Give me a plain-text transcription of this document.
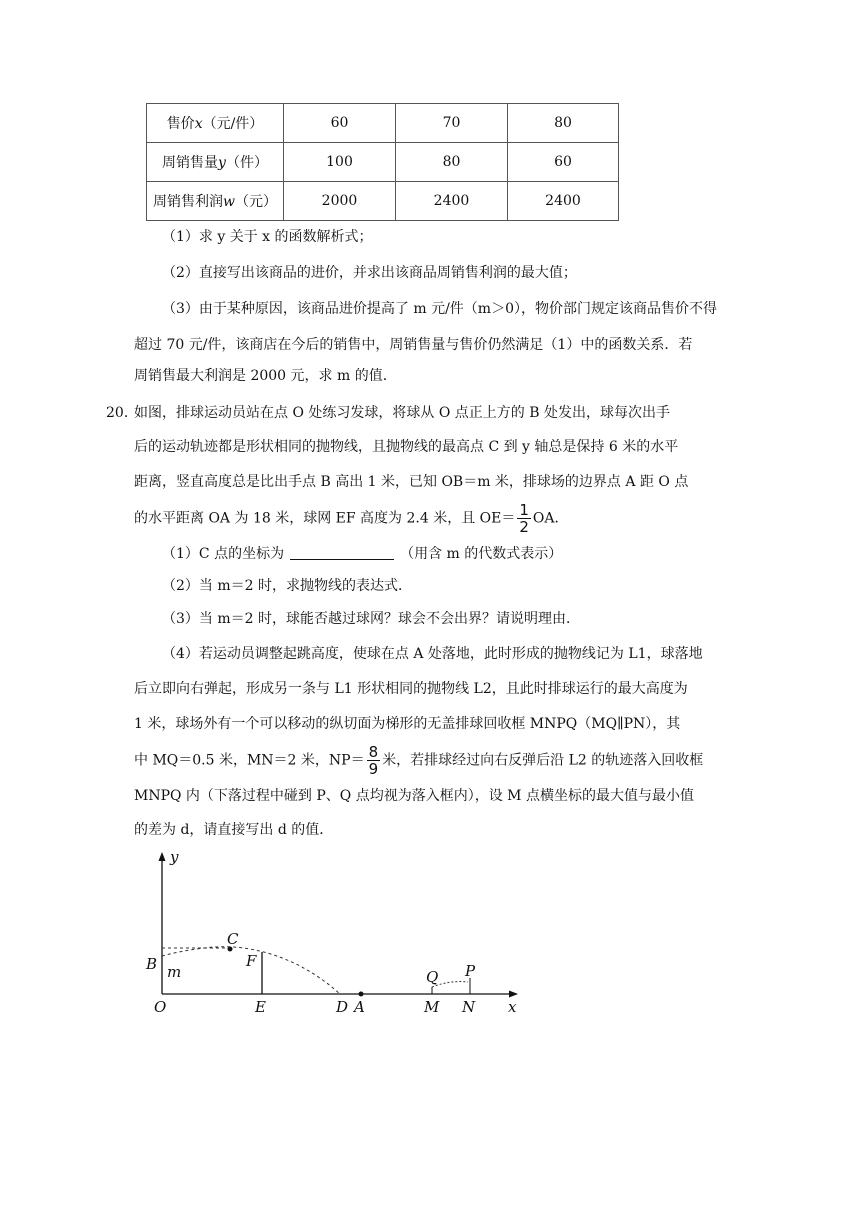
售价x（元/件）	60	70	80
周销售量y（件）	100	80	60
周销售利润w（元）	2000	2400	2400
（1）求 y 关于 x 的函数解析式；
（2）直接写出该商品的进价，并求出该商品周销售利润的最大值；
（3）由于某种原因，该商品进价提高了 m 元/件（m＞0），物价部门规定该商品售价不得
超过 70 元/件，该商店在今后的销售中，周销售量与售价仍然满足（1）中的函数关系．若
周销售最大利润是 2000 元，求 m 的值．
20．
如图，排球运动员站在点 O 处练习发球，将球从 O 点正上方的 B 处发出，球每次出手
后的运动轨迹都是形状相同的抛物线，且抛物线的最高点 C 到 y 轴总是保持 6 米的水平
距离，竖直高度总是比出手点 B 高出 1 米，已知 OB＝m 米，排球场的边界点 A 距 O 点
的水平距离 OA 为 18 米，球网 EF 高度为 2.4 米，且 $OE= \frac{1}{2}$ OA．
（1）C 点的坐标为	（用含 m 的代数式表示）
（2）当 m＝2 时，求抛物线的表达式．
（3）当 m＝2 时，球能否越过球网？球会不会出界？请说明理由．
（4）若运动员调整起跳高度，使球在点 A 处落地，此时形成的抛物线记为 L1，球落地
后立即向右弹起，形成另一条与 L1 形状相同的抛物线 L2，且此时排球运行的最大高度为
1 米，球场外有一个可以移动的纵切面为梯形的无盖排球回收框 MNPQ（MQ∥PN），其
中 MQ＝0.5 米，MN＝2 米，$NP= \frac{8}{9}$ 米，若排球经过向右反弹后沿 L2 的轨迹落入回收框
MNPQ 内（下落过程中碰到 P、Q 点均视为落入框内），设 M 点横坐标的最大值与最小值
的差为 d，请直接写出 d 的值．
y
x
O
B m
C
F
E	D A	M N
Q P
